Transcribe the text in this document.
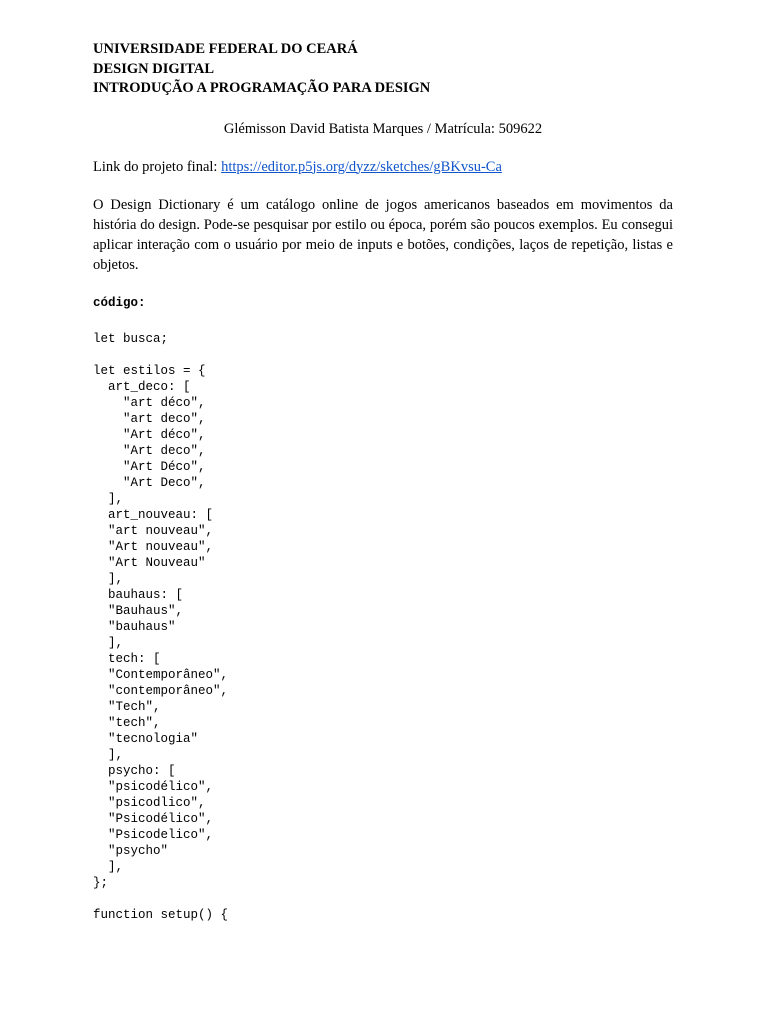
UNIVERSIDADE FEDERAL DO CEARÁ

DESIGN DIGITAL

INTRODUÇÃO A PROGRAMAÇÃO PARA DESIGN

Glémisson David Batista Marques / Matrícula: 509622
Link do projeto final: https://editor.p5js.org/dyzz/sketches/gBKvsu-Ca
O Design Dictionary é um catálogo online de jogos americanos baseados em movimentos da história do design. Pode-se pesquisar por estilo ou época, porém são poucos exemplos. Eu consegui aplicar interação com o usuário por meio de inputs e botões, condições, laços de repetição, listas e objetos.
código:
let busca;
let estilos = {
art_deco: [
"art déco",
"art deco",
"Art déco",
"Art deco",
"Art Déco",
"Art Deco",
],
art_nouveau: [
"art nouveau",
"Art nouveau",
"Art Nouveau"
],
bauhaus: [
"Bauhaus",
"bauhaus"
],
tech: [
"Contemporâneo",
"contemporâneo",
"Tech",
"tech",
"tecnologia"
],
psycho: [
"psicodélico",
"psicodlico",
"Psicodélico",
"Psicodelico",
"psycho"
],
};
function setup() {
